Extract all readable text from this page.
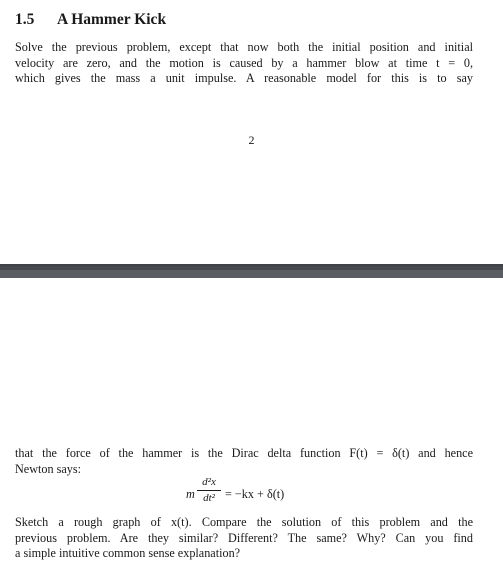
1.5 A Hammer Kick
Solve the previous problem, except that now both the initial position and initial
velocity are zero, and the motion is caused by a hammer blow at time t = 0,
which gives the mass a unit impulse. A reasonable model for this is to say
2
that the force of the hammer is the Dirac delta function F(t) = δ(t) and hence
Newton says:
m
d²x
dt² = −kx + δ(t)
Sketch a rough graph of x(t). Compare the solution of this problem and the
previous problem. Are they similar? Different? The same? Why? Can you find
a simple intuitive common sense explanation?
